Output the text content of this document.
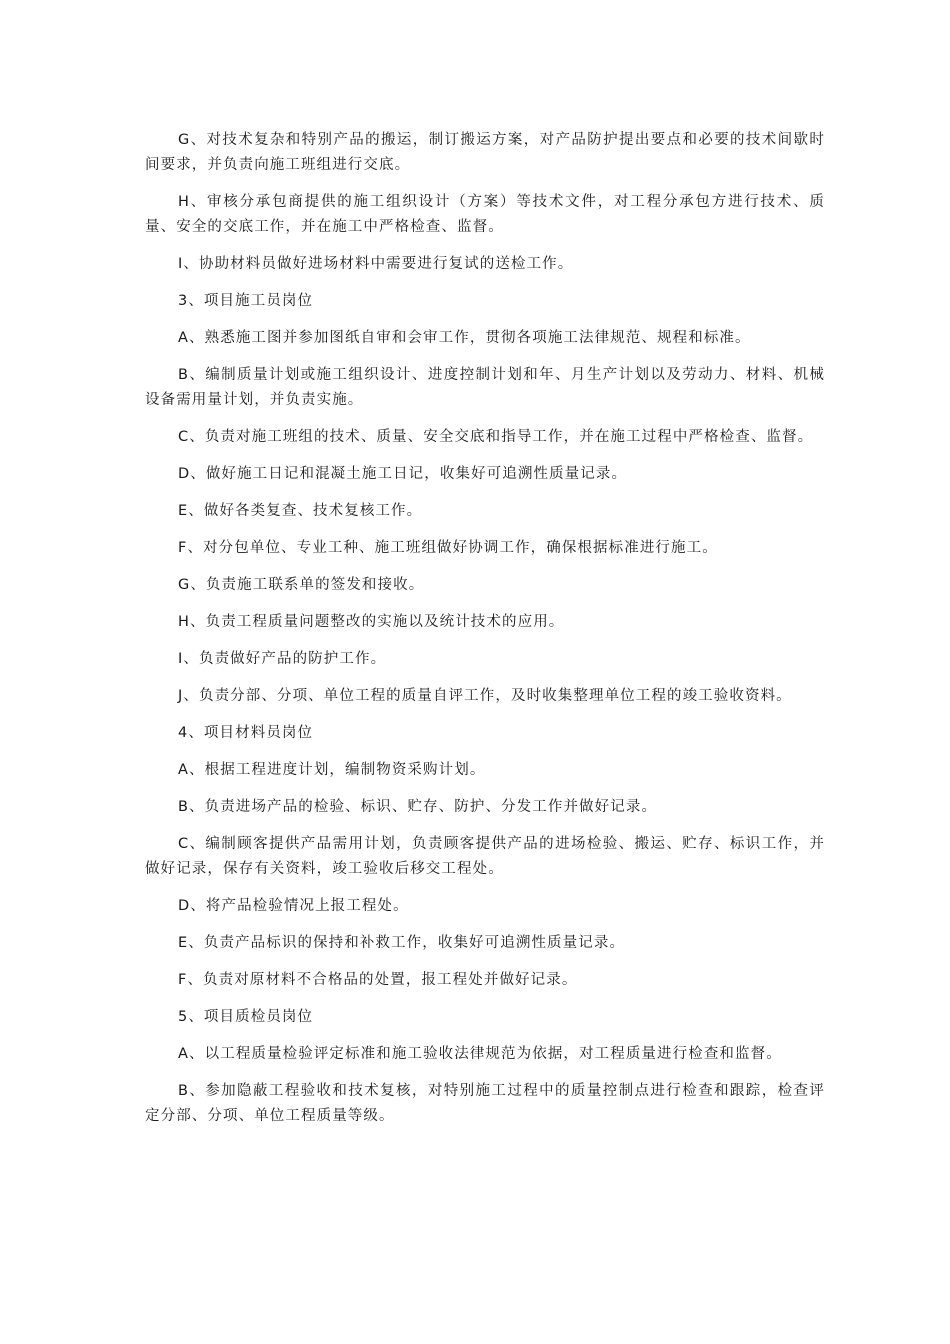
G、对技术复杂和特别产品的搬运，制订搬运方案，对产品防护提出要点和必要的技术间歇时间要求，并负责向施工班组进行交底。

H、审核分承包商提供的施工组织设计（方案）等技术文件，对工程分承包方进行技术、质量、安全的交底工作，并在施工中严格检查、监督。

I、协助材料员做好进场材料中需要进行复试的送检工作。

3、项目施工员岗位

A、熟悉施工图并参加图纸自审和会审工作，贯彻各项施工法律规范、规程和标准。

B、编制质量计划或施工组织设计、进度控制计划和年、月生产计划以及劳动力、材料、机械设备需用量计划，并负责实施。

C、负责对施工班组的技术、质量、安全交底和指导工作，并在施工过程中严格检查、监督。

D、做好施工日记和混凝土施工日记，收集好可追溯性质量记录。

E、做好各类复查、技术复核工作。

F、对分包单位、专业工种、施工班组做好协调工作，确保根据标准进行施工。

G、负责施工联系单的签发和接收。

H、负责工程质量问题整改的实施以及统计技术的应用。

I、负责做好产品的防护工作。

J、负责分部、分项、单位工程的质量自评工作，及时收集整理单位工程的竣工验收资料。

4、项目材料员岗位

A、根据工程进度计划，编制物资采购计划。

B、负责进场产品的检验、标识、贮存、防护、分发工作并做好记录。

C、编制顾客提供产品需用计划，负责顾客提供产品的进场检验、搬运、贮存、标识工作，并做好记录，保存有关资料，竣工验收后移交工程处。

D、将产品检验情况上报工程处。

E、负责产品标识的保持和补救工作，收集好可追溯性质量记录。

F、负责对原材料不合格品的处置，报工程处并做好记录。

5、项目质检员岗位

A、以工程质量检验评定标准和施工验收法律规范为依据，对工程质量进行检查和监督。

B、参加隐蔽工程验收和技术复核，对特别施工过程中的质量控制点进行检查和跟踪，检查评定分部、分项、单位工程质量等级。
